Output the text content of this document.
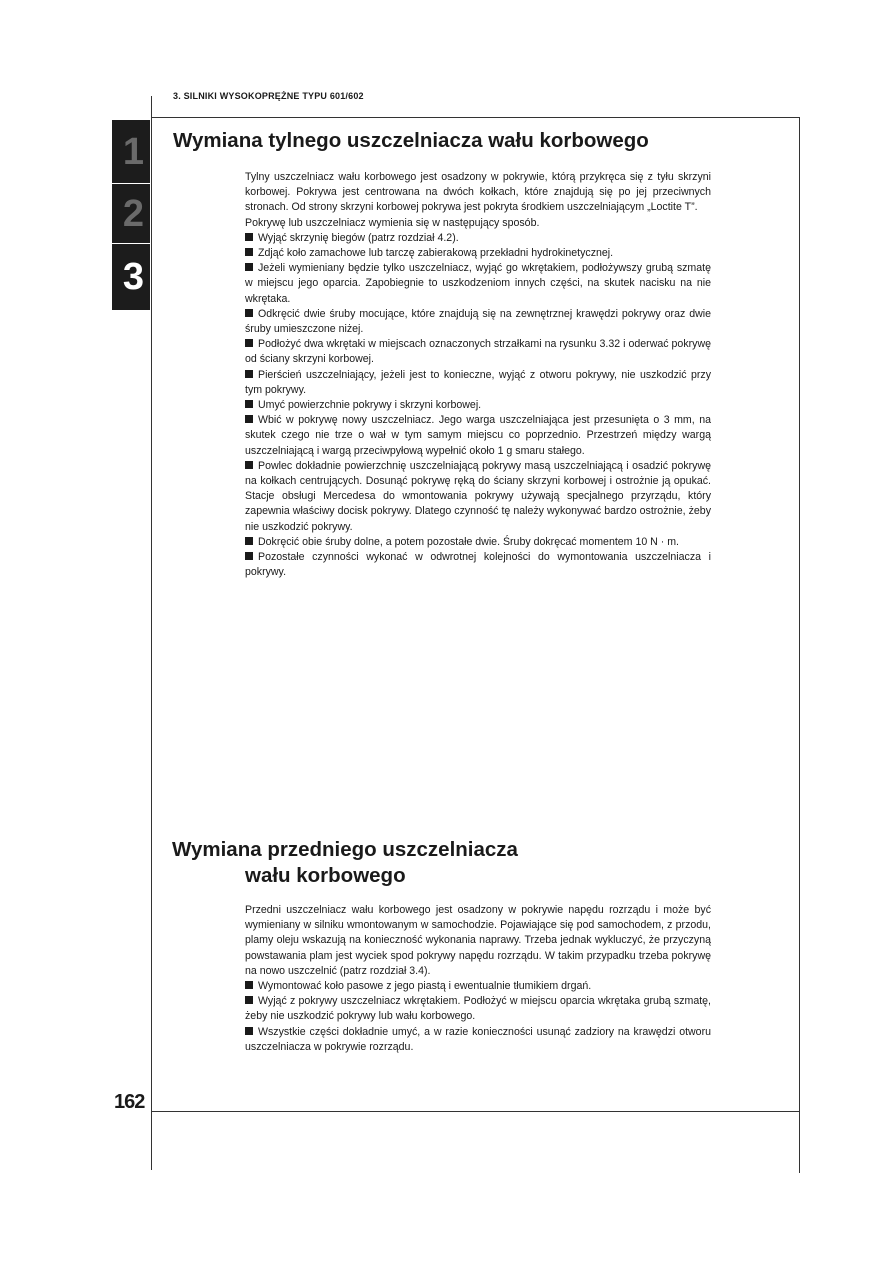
3. SILNIKI WYSOKOPRĘŻNE TYPU 601/602
1
2
3
Wymiana tylnego uszczelniacza wału korbowego

Tylny uszczelniacz wału korbowego jest osadzony w pokrywie, którą przykręca się z tyłu skrzyni korbowej. Pokrywa jest centrowana na dwóch kołkach, które znajdują się po jej przeciwnych stronach. Od strony skrzyni korbowej pokrywa jest pokryta środkiem uszczelniającym „Loctite T”.

Pokrywę lub uszczelniacz wymienia się w następujący sposób.

Wyjąć skrzynię biegów (patrz rozdział 4.2).

Zdjąć koło zamachowe lub tarczę zabierakową przekładni hydrokinetycznej.

Jeżeli wymieniany będzie tylko uszczelniacz, wyjąć go wkrętakiem, podłożywszy grubą szmatę w miejscu jego oparcia. Zapobiegnie to uszkodzeniom innych części, na skutek nacisku na nie wkrętaka.

Odkręcić dwie śruby mocujące, które znajdują się na zewnętrznej krawędzi pokrywy oraz dwie śruby umieszczone niżej.

Podłożyć dwa wkrętaki w miejscach oznaczonych strzałkami na rysunku 3.32 i oderwać pokrywę od ściany skrzyni korbowej.

Pierścień uszczelniający, jeżeli jest to konieczne, wyjąć z otworu pokrywy, nie uszkodzić przy tym pokrywy.

Umyć powierzchnie pokrywy i skrzyni korbowej.

Wbić w pokrywę nowy uszczelniacz. Jego warga uszczelniająca jest przesunięta o 3 mm, na skutek czego nie trze o wał w tym samym miejscu co poprzednio. Przestrzeń między wargą uszczelniającą i wargą przeciwpyłową wypełnić około 1 g smaru stałego.

Powlec dokładnie powierzchnię uszczelniającą pokrywy masą uszczelniającą i osadzić pokrywę na kołkach centrujących. Dosunąć pokrywę ręką do ściany skrzyni korbowej i ostrożnie ją opukać. Stacje obsługi Mercedesa do wmontowania pokrywy używają specjalnego przyrządu, który zapewnia właściwy docisk pokrywy. Dlatego czynność tę należy wykonywać bardzo ostrożnie, żeby nie uszkodzić pokrywy.

Dokręcić obie śruby dolne, a potem pozostałe dwie. Śruby dokręcać momentem 10 N · m.

Pozostałe czynności wykonać w odwrotnej kolejności do wymontowania uszczelniacza i pokrywy.

Wymiana przedniego uszczelniacza
wału korbowego

Przedni uszczelniacz wału korbowego jest osadzony w pokrywie napędu rozrządu i może być wymieniany w silniku wmontowanym w samochodzie. Pojawiające się pod samochodem, z przodu, plamy oleju wskazują na konieczność wykonania naprawy. Trzeba jednak wykluczyć, że przyczyną powstawania plam jest wyciek spod pokrywy napędu rozrządu. W takim przypadku trzeba pokrywę na nowo uszczelnić (patrz rozdział 3.4).

Wymontować koło pasowe z jego piastą i ewentualnie tłumikiem drgań.

Wyjąć z pokrywy uszczelniacz wkrętakiem. Podłożyć w miejscu oparcia wkrętaka grubą szmatę, żeby nie uszkodzić pokrywy lub wału korbowego.

Wszystkie części dokładnie umyć, a w razie konieczności usunąć zadziory na krawędzi otworu uszczelniacza w pokrywie rozrządu.

162
